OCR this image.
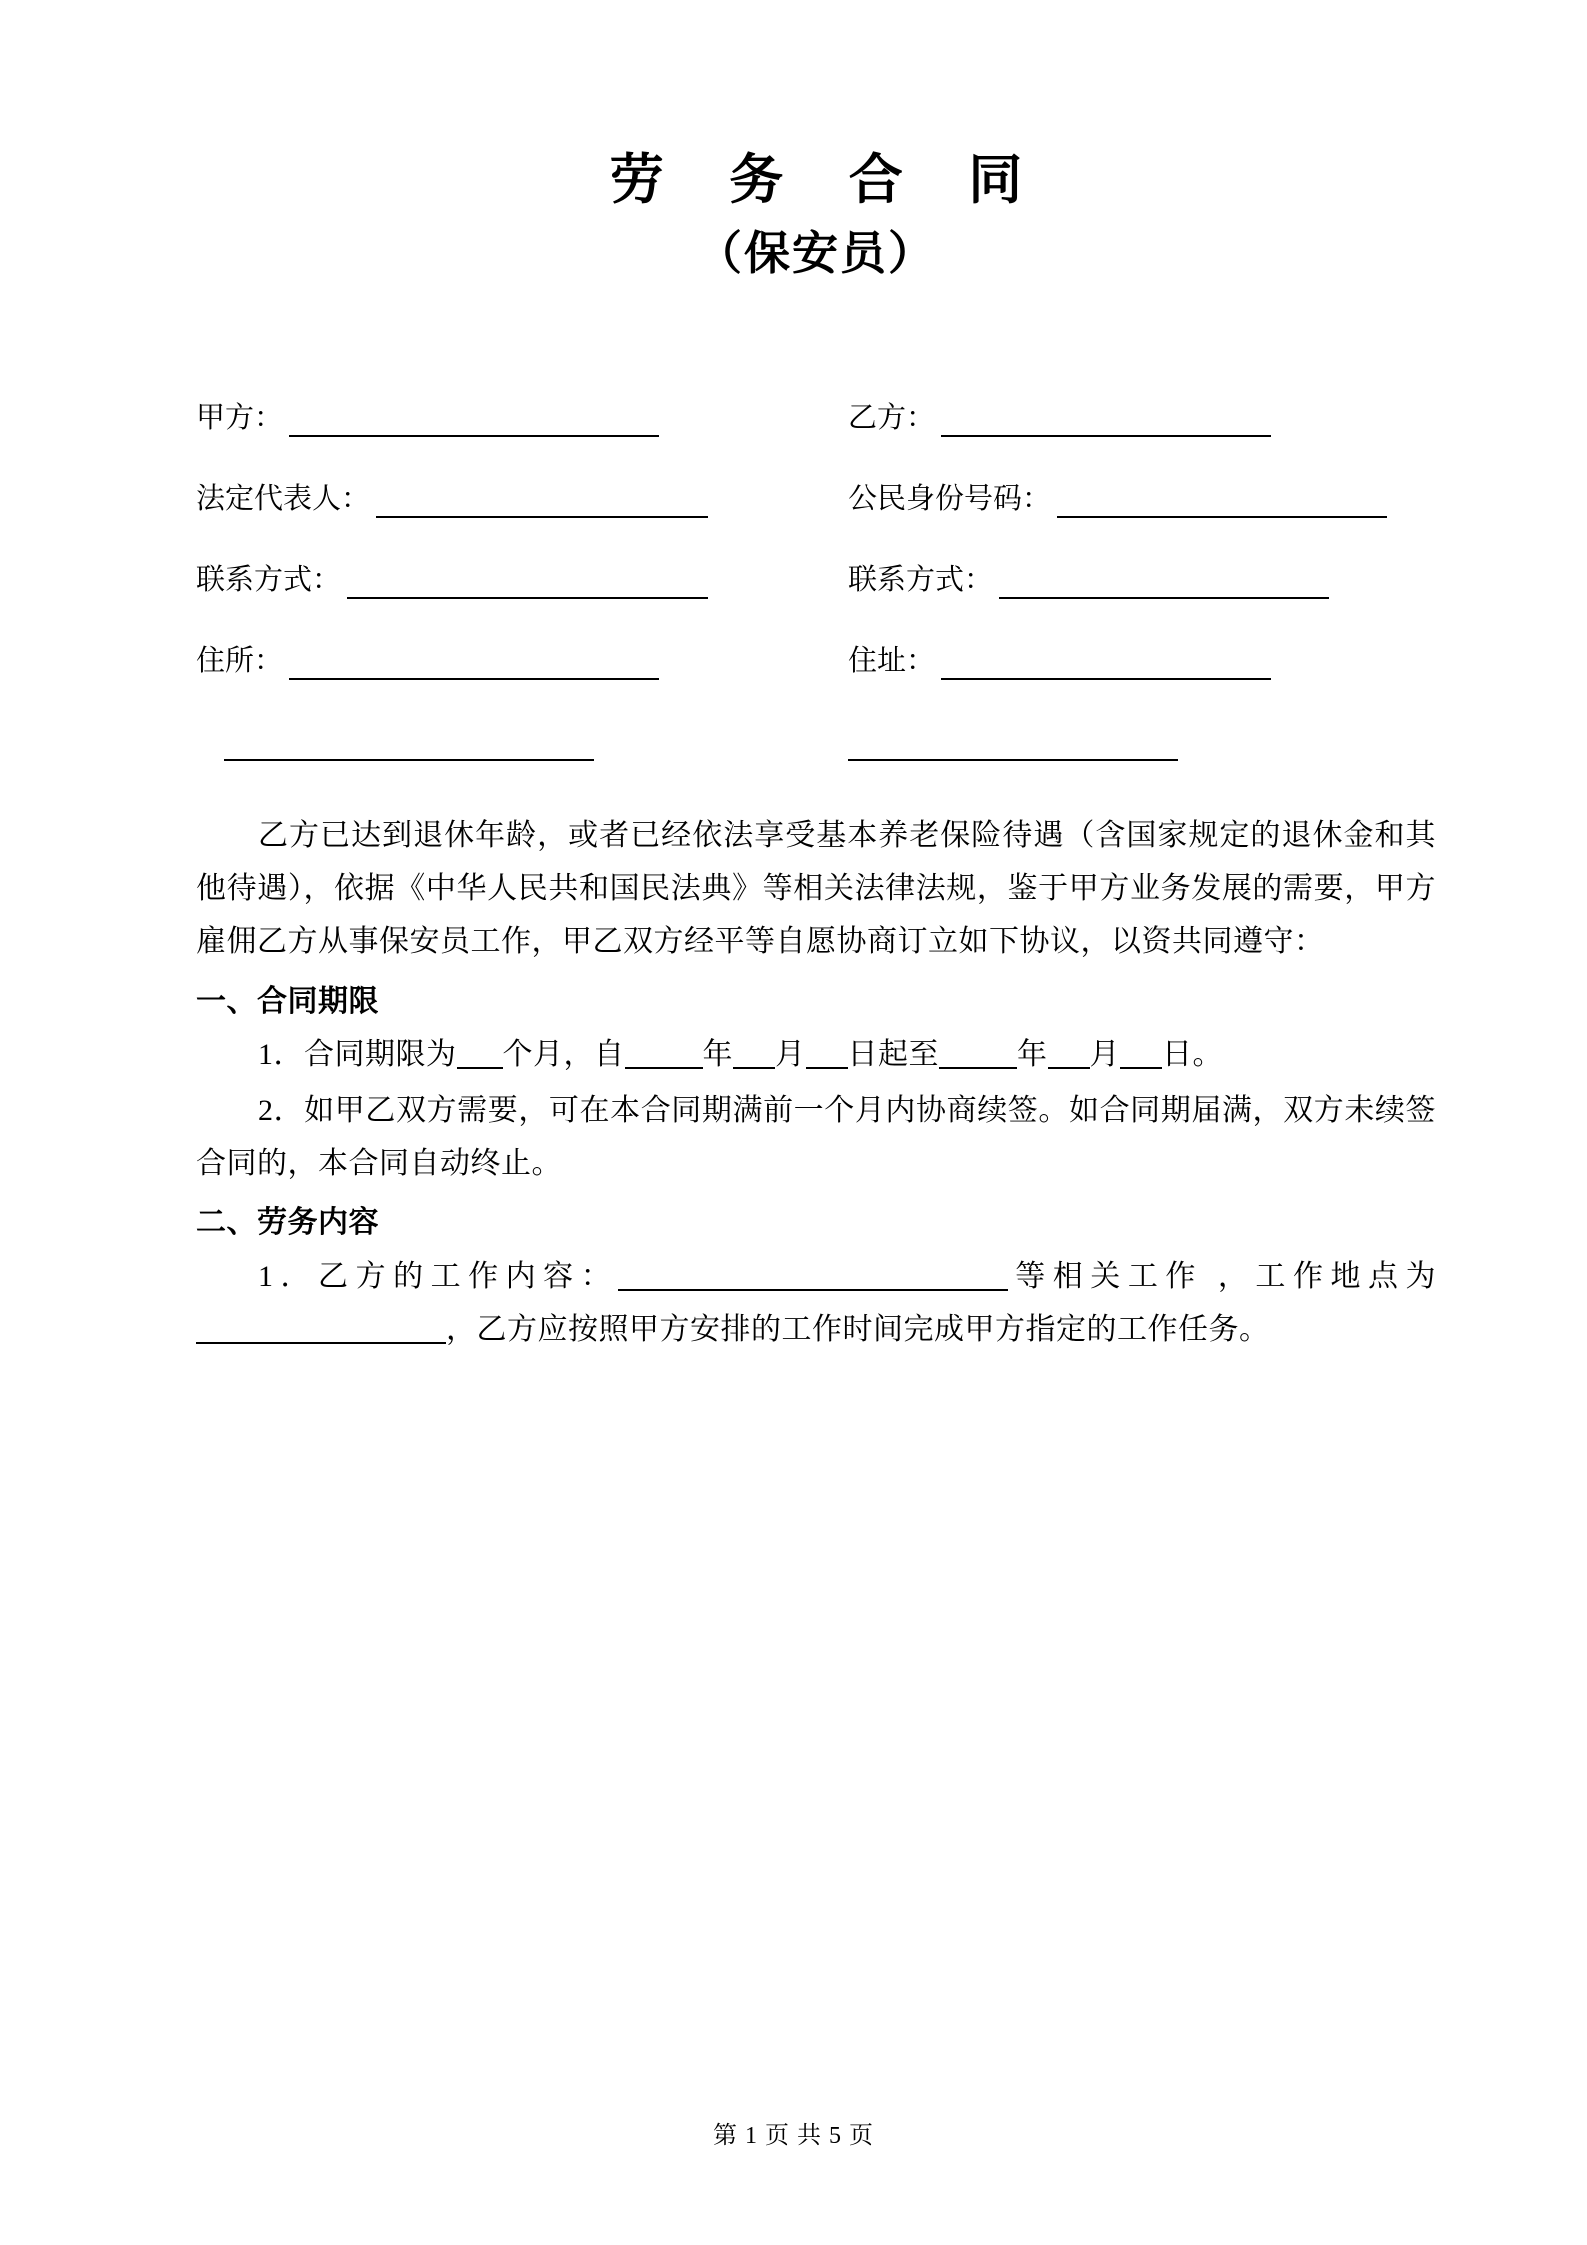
劳 务 合 同
（保安员）
甲方：	乙方：
法定代表人：	公民身份号码：
联系方式：	联系方式：
住所：	住址：

乙方已达到退休年龄，或者已经依法享受基本养老保险待遇（含国家规定的退休金和其他待遇），依据《中华人民共和国民法典》等相关法律法规，鉴于甲方业务发展的需要，甲方雇佣乙方从事保安员工作，甲乙双方经平等自愿协商订立如下协议，以资共同遵守：

一、合同期限

1．合同期限为 个月，自	年 月 日起至	年 月 日。

2．如甲乙双方需要，可在本合同期满前一个月内协商续签。如合同期届满，双方未续签合同的，本合同自动终止。

二、劳务内容

1．乙方的工作内容：	等相关工作 ，工作地点为，乙方应按照甲方安排的工作时间完成甲方指定的工作任务。

第 1 页 共 5 页
